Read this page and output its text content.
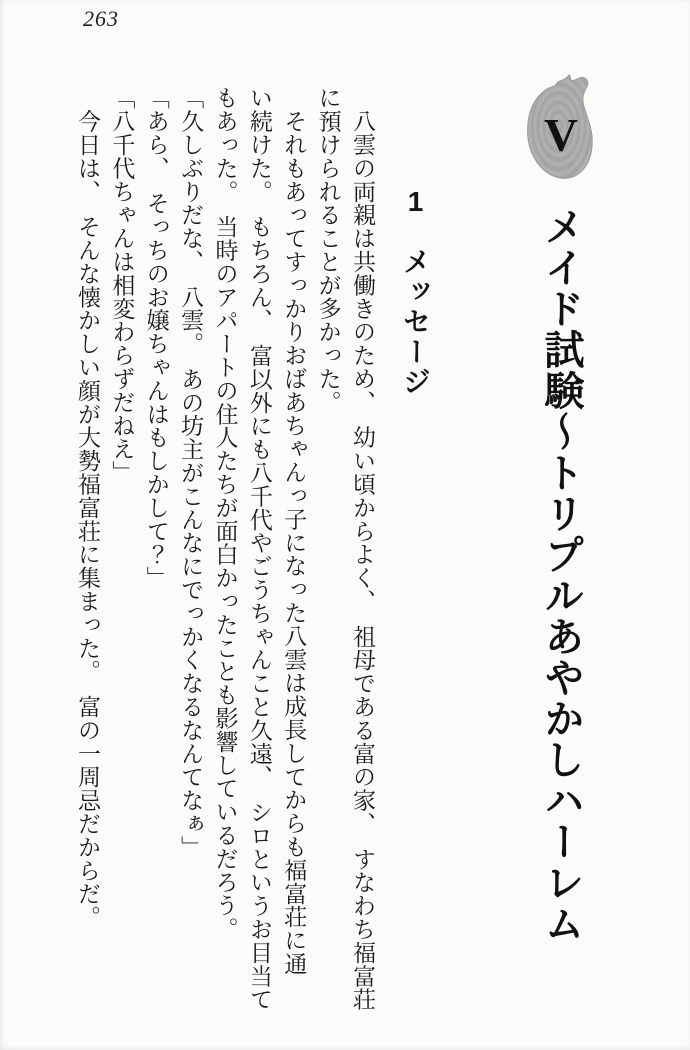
263
V
メイド試験〜トリプルあやかしハーレム
1メッセージ
　八雲の両親は共働きのため、　幼い頃からよく、　祖母である富の家、　すなわち福富荘
に預けられることが多かった。
　それもあってすっかりおばあちゃんっ子になった八雲は成長してからも福富荘に通
い続けた。　もちろん、　富以外にも八千代やごうちゃんこと久遠、　シロというお目当て
もあった。　当時のアパートの住人たちが面白かったことも影響しているだろう。
「久しぶりだな、　八雲。　あの坊主がこんなにでっかくなるなんてなぁ」
「あら、　そっちのお嬢ちゃんはもしかして？」
「八千代ちゃんは相変わらずだねえ」
　今日は、　そんな懐かしい顔が大勢福富荘に集まった。　富の一周忌だからだ。
